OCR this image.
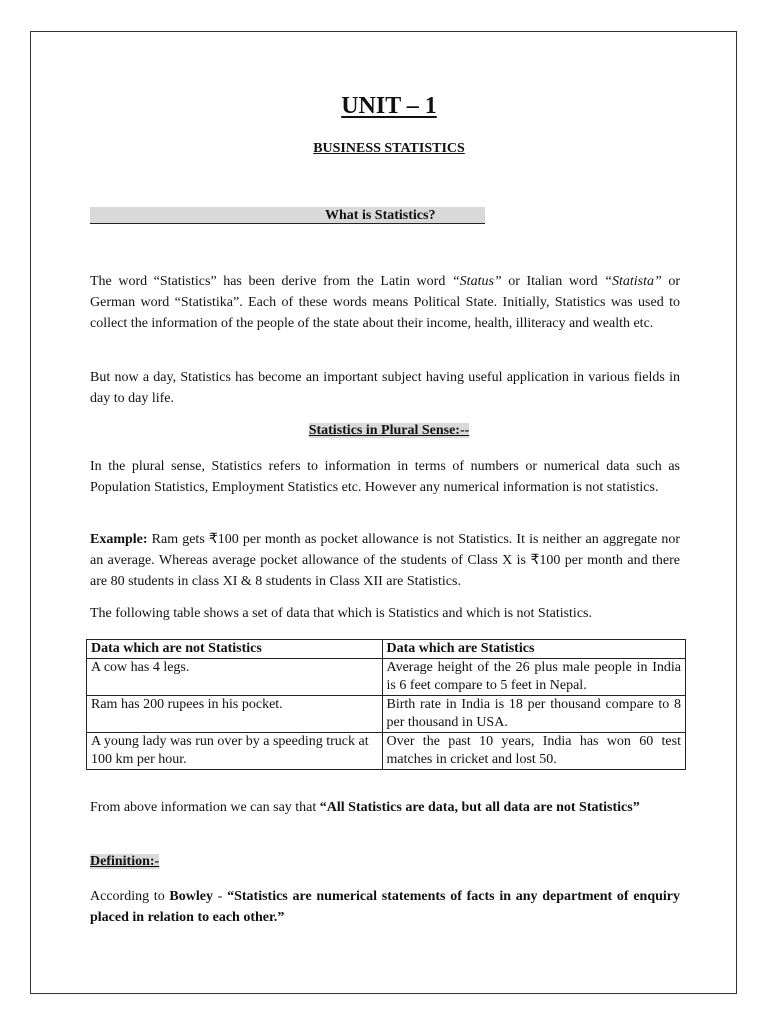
UNIT – 1
BUSINESS STATISTICS
What is Statistics?
The word “Statistics” has been derive from the Latin word “Status” or Italian word “Statista” or German word “Statistika”. Each of these words means Political State. Initially, Statistics was used to collect the information of the people of the state about their income, health, illiteracy and wealth etc.
But now a day, Statistics has become an important subject having useful application in various fields in day to day life.
Statistics in Plural Sense:--
In the plural sense, Statistics refers to information in terms of numbers or numerical data such as Population Statistics, Employment Statistics etc. However any numerical information is not statistics.
Example: Ram gets ₹100 per month as pocket allowance is not Statistics. It is neither an aggregate nor an average. Whereas average pocket allowance of the students of Class X is ₹100 per month and there are 80 students in class XI & 8 students in Class XII are Statistics.
The following table shows a set of data that which is Statistics and which is not Statistics.
From above information we can say that “All Statistics are data, but all data are not Statistics”
Definition:-
According to Bowley - “Statistics are numerical statements of facts in any department of enquiry placed in relation to each other.”
Data which are not Statistics	Data which are Statistics
A cow has 4 legs.	Average height of the 26 plus male people in India is 6 feet compare to 5 feet in Nepal.
Ram has 200 rupees in his pocket.	Birth rate in India is 18 per thousand compare to 8 per thousand in USA.
A young lady was run over by a speeding truck at 100 km per hour.	Over the past 10 years, India has won 60 test matches in cricket and lost 50.
